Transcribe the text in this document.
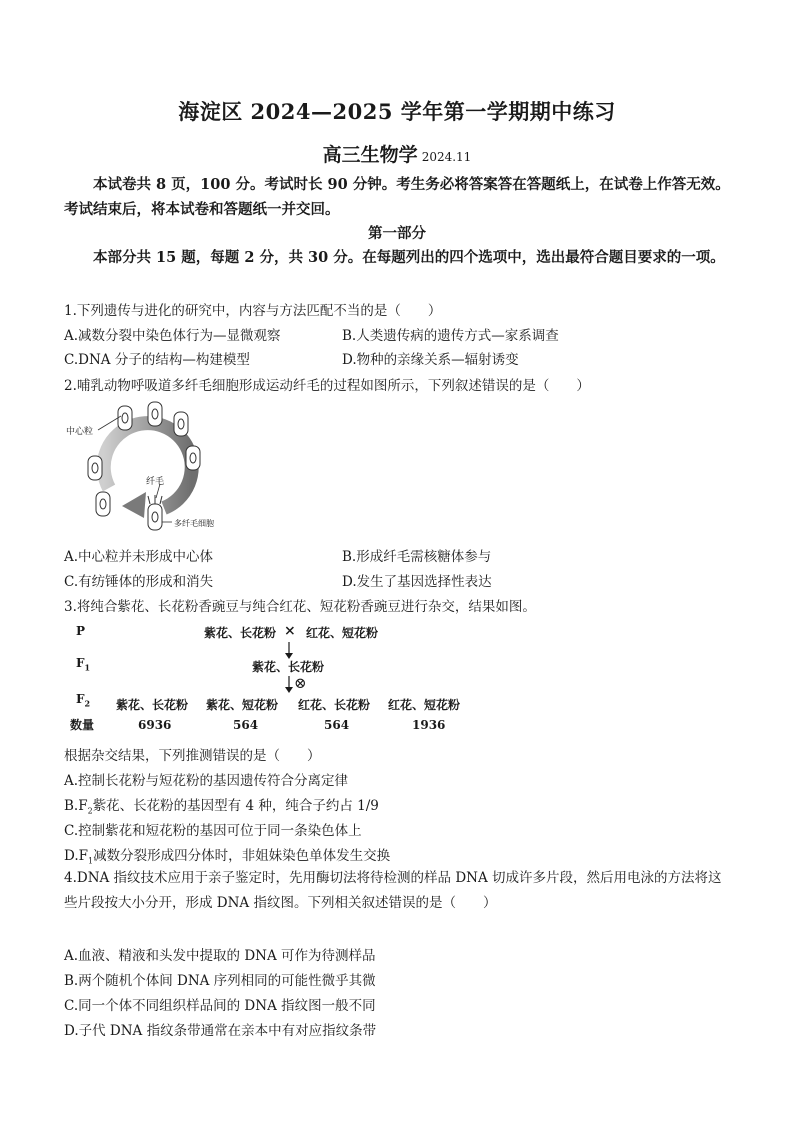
海淀区 2024—2025 学年第一学期期中练习
高三生物学 2024.11
本试卷共 8 页，100 分。考试时长 90 分钟。考生务必将答案答在答题纸上，在试卷上作答无效。考试结束后，将本试卷和答题纸一并交回。
第一部分
本部分共 15 题，每题 2 分，共 30 分。在每题列出的四个选项中，选出最符合题目要求的一项。
1.下列遗传与进化的研究中，内容与方法匹配不当的是（　　）
A.减数分裂中染色体行为—显微观察	B.人类遗传病的遗传方式—家系调查
C.DNA 分子的结构—构建模型	D.物种的亲缘关系—辐射诱变
2.哺乳动物呼吸道多纤毛细胞形成运动纤毛的过程如图所示，下列叙述错误的是（　　）
中心粒
纤毛
多纤毛细胞
A.中心粒并未形成中心体	B.形成纤毛需核糖体参与
C.有纺锤体的形成和消失	D.发生了基因选择性表达
3.将纯合紫花、长花粉香豌豆与纯合红花、短花粉香豌豆进行杂交，结果如图。
P	紫花、长花粉 × 红花、短花粉
$F_1$	紫花、长花粉
⊗
$F_2$ 紫花、长花粉 紫花、短花粉 红花、长花粉 红花、短花粉
数量	6936	564	564	1936
根据杂交结果，下列推测错误的是（　　）
A.控制长花粉与短花粉的基因遗传符合分离定律
$B.F_2$紫花、长花粉的基因型有 4 种，纯合子约占 1/9
C.控制紫花和短花粉的基因可位于同一条染色体上
$D.F_1$减数分裂形成四分体时，非姐妹染色单体发生交换
4.DNA 指纹技术应用于亲子鉴定时，先用酶切法将待检测的样品 DNA 切成许多片段，然后用电泳的方法将这些片段按大小分开，形成 DNA 指纹图。下列相关叙述错误的是（　　）
A.血液、精液和头发中提取的 DNA 可作为待测样品
B.两个随机个体间 DNA 序列相同的可能性微乎其微
C.同一个体不同组织样品间的 DNA 指纹图一般不同
D.子代 DNA 指纹条带通常在亲本中有对应指纹条带
